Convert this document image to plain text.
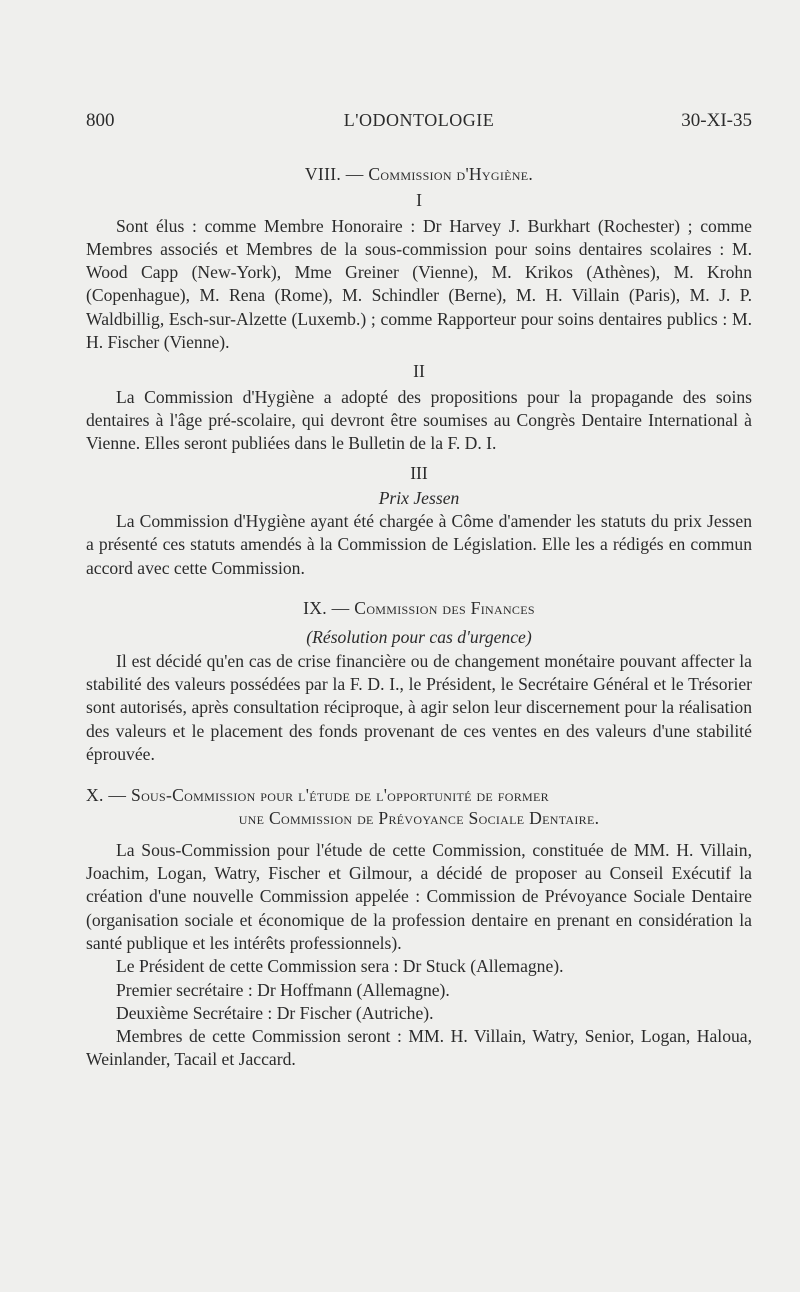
800	L'ODONTOLOGIE	30-XI-35
VIII. — Commission d'Hygiène.
I

Sont élus : comme Membre Honoraire : Dr Harvey J. Burkhart (Rochester) ; comme Membres associés et Membres de la sous-commission pour soins dentaires scolaires : M. Wood Capp (New-York), Mme Greiner (Vienne), M. Krikos (Athènes), M. Krohn (Copenhague), M. Rena (Rome), M. Schindler (Berne), M. H. Villain (Paris), M. J. P. Waldbillig, Esch-sur-Alzette (Luxemb.) ; comme Rapporteur pour soins dentaires publics : M. H. Fischer (Vienne).

II

La Commission d'Hygiène a adopté des propositions pour la propagande des soins dentaires à l'âge pré-scolaire, qui devront être soumises au Congrès Dentaire International à Vienne. Elles seront publiées dans le Bulletin de la F. D. I.

III
Prix Jessen

La Commission d'Hygiène ayant été chargée à Côme d'amender les statuts du prix Jessen a présenté ces statuts amendés à la Commission de Législation. Elle les a rédigés en commun accord avec cette Commission.

IX. — Commission des Finances
(Résolution pour cas d'urgence)

Il est décidé qu'en cas de crise financière ou de changement monétaire pouvant affecter la stabilité des valeurs possédées par la F. D. I., le Président, le Secrétaire Général et le Trésorier sont autorisés, après consultation réciproque, à agir selon leur discernement pour la réalisation des valeurs et le placement des fonds provenant de ces ventes en des valeurs d'une stabilité éprouvée.

X. — Sous-Commission pour l'étude de l'opportunité de former
une Commission de Prévoyance Sociale Dentaire.

La Sous-Commission pour l'étude de cette Commission, constituée de MM. H. Villain, Joachim, Logan, Watry, Fischer et Gilmour, a décidé de proposer au Conseil Exécutif la création d'une nouvelle Commission appelée : Commission de Prévoyance Sociale Dentaire (organisation sociale et économique de la profession dentaire en prenant en considération la santé publique et les intérêts professionnels).

Le Président de cette Commission sera : Dr Stuck (Allemagne).

Premier secrétaire : Dr Hoffmann (Allemagne).

Deuxième Secrétaire : Dr Fischer (Autriche).

Membres de cette Commission seront : MM. H. Villain, Watry, Senior, Logan, Haloua, Weinlander, Tacail et Jaccard.
